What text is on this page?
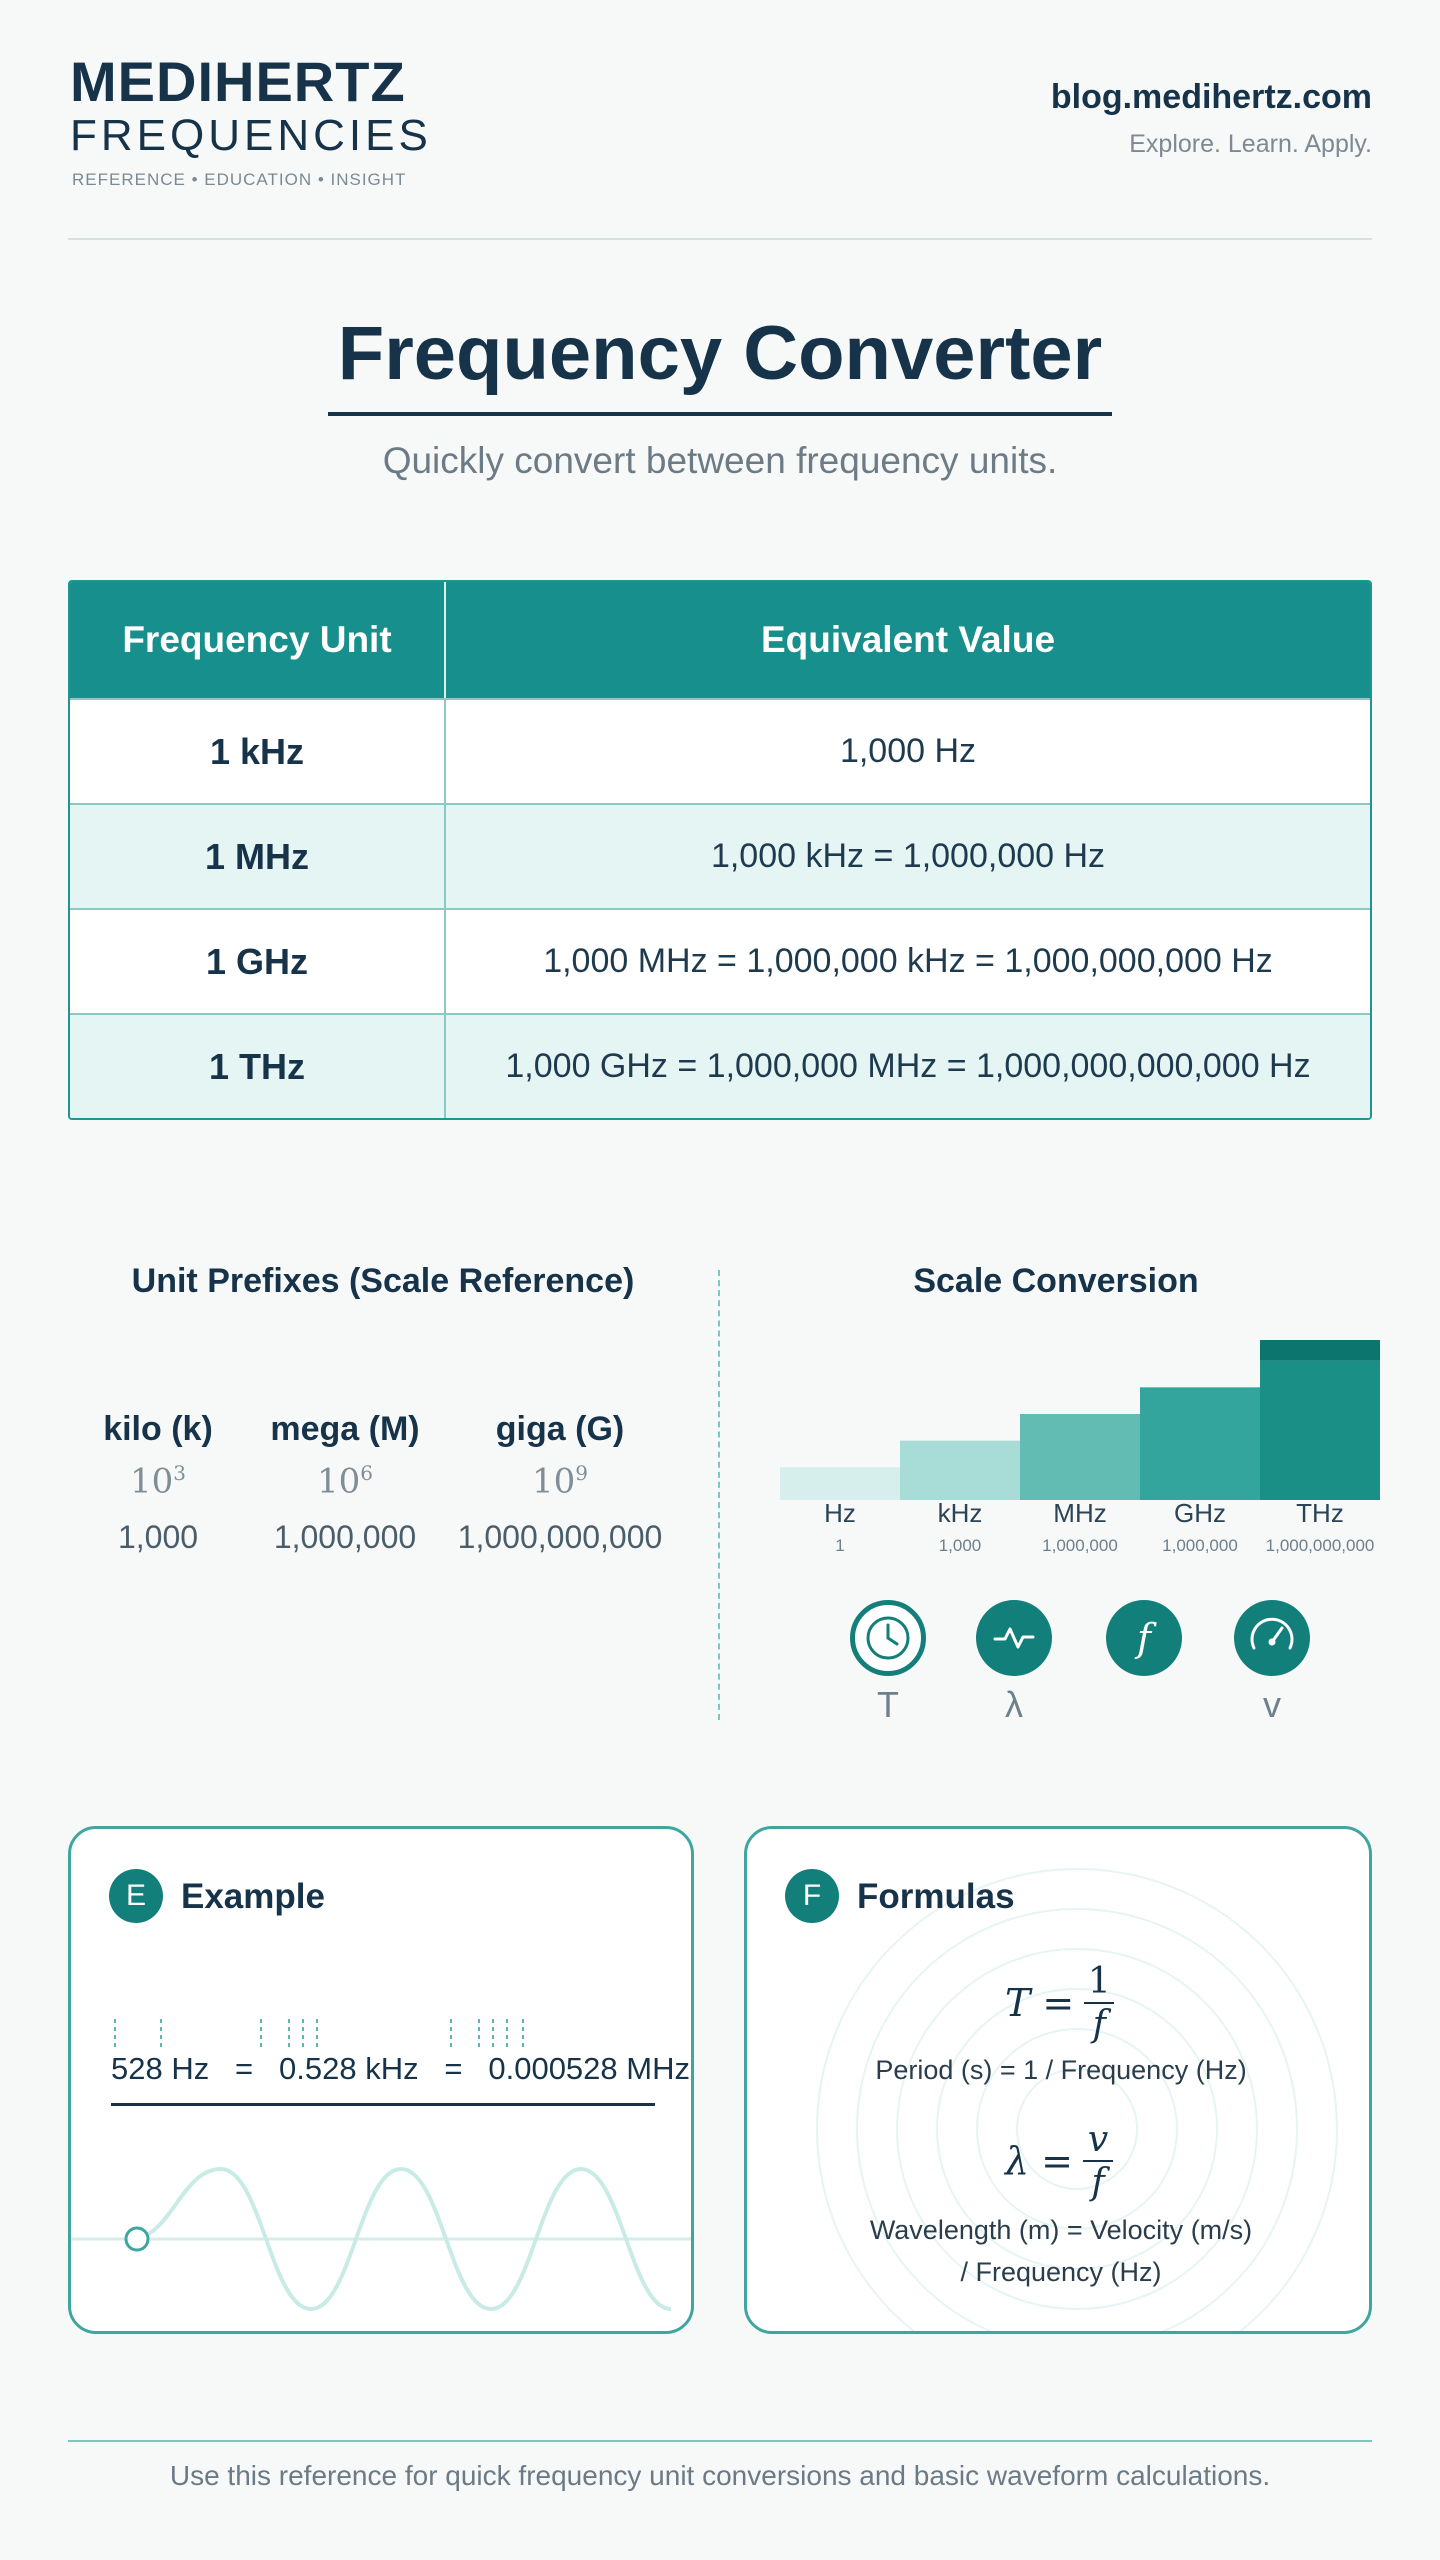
MEDIHERTZ
FREQUENCIES
REFERENCE • EDUCATION • INSIGHT
blog.medihertz.com
Explore. Learn. Apply.
Frequency Converter
Quickly convert between frequency units.
Frequency Unit	Equivalent Value
1 kHz	1,000 Hz
1 MHz	1,000 kHz = 1,000,000 Hz
1 GHz	1,000 MHz = 1,000,000 kHz = 1,000,000,000 Hz
1 THz	1,000 GHz = 1,000,000 MHz = 1,000,000,000,000 Hz
Unit Prefixes (Scale Reference)
kilo (k)
$10^3$
1,000
mega (M)
$10^6$
1,000,000
giga (G)
$10^9$
1,000,000,000
Scale Conversion
Hz
1
kHz
1,000
MHz
1,000,000
GHz
1,000,000
THz
1,000,000,000
f
T	λ	v
E	Example
528 Hz   =   0.528 kHz   =   0.000528 MHz
F	Formulas
T = 1
f
Period (s) = 1 / Frequency (Hz)
λ = v
f
Wavelength (m) = Velocity (m/s)
/ Frequency (Hz)
Use this reference for quick frequency unit conversions and basic waveform calculations.
